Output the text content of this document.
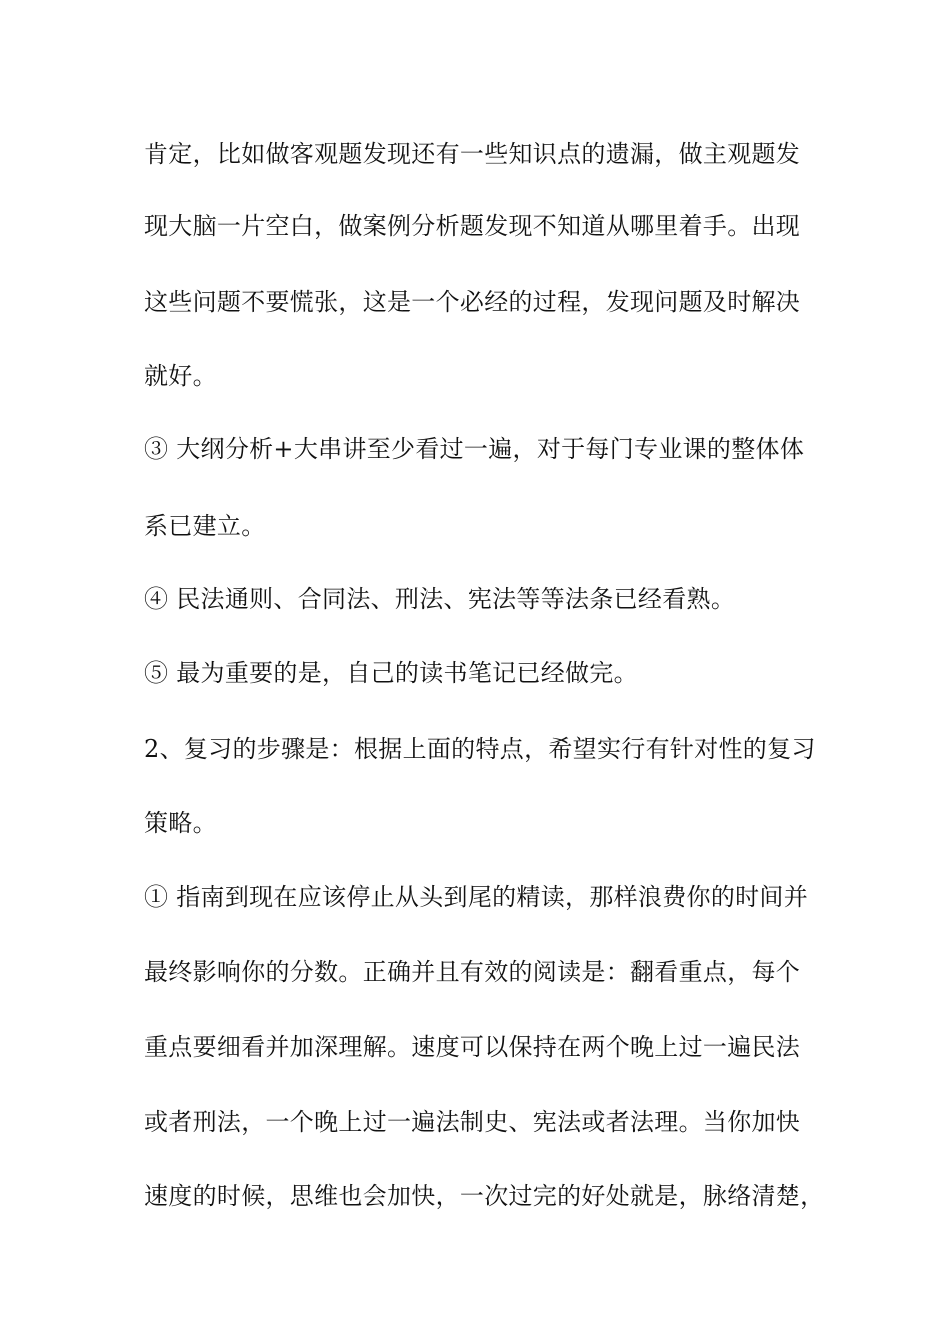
肯定，比如做客观题发现还有一些知识点的遗漏，做主观题发
现大脑一片空白，做案例分析题发现不知道从哪里着手。出现
这些问题不要慌张，这是一个必经的过程，发现问题及时解决
就好。
③ 大纲分析+大串讲至少看过一遍，对于每门专业课的整体体
系已建立。
④ 民法通则、合同法、刑法、宪法等等法条已经看熟。
⑤ 最为重要的是，自己的读书笔记已经做完。
2、复习的步骤是：根据上面的特点，希望实行有针对性的复习
策略。
① 指南到现在应该停止从头到尾的精读，那样浪费你的时间并
最终影响你的分数。正确并且有效的阅读是：翻看重点，每个
重点要细看并加深理解。速度可以保持在两个晚上过一遍民法
或者刑法，一个晚上过一遍法制史、宪法或者法理。当你加快
速度的时候，思维也会加快，一次过完的好处就是，脉络清楚，
